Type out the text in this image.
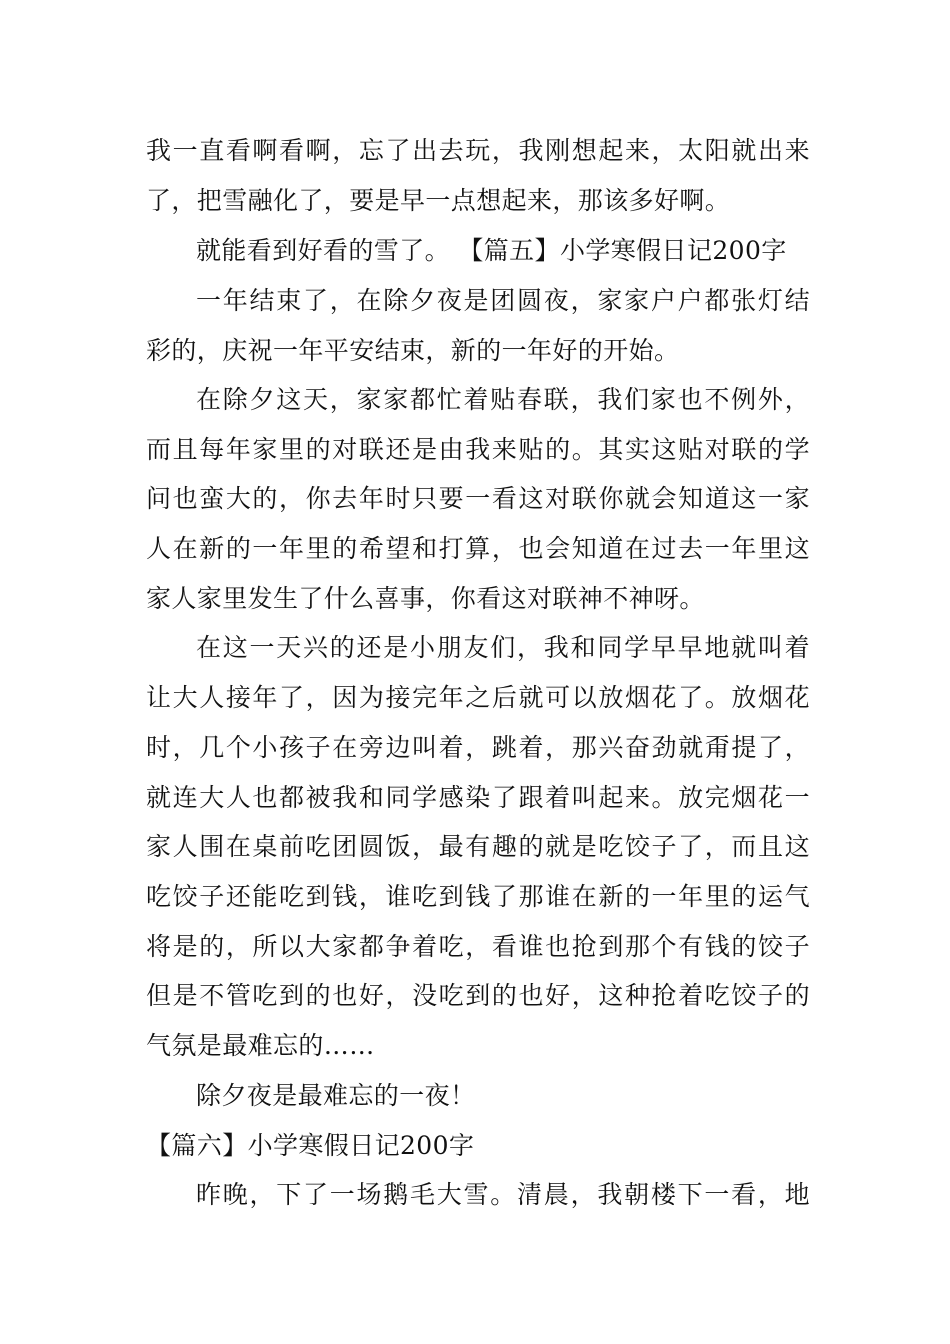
我一直看啊看啊，忘了出去玩，我刚想起来，太阳就出来
了，把雪融化了，要是早一点想起来，那该多好啊。
就能看到好看的雪了。 【篇五】小学寒假日记200字
一年结束了，在除夕夜是团圆夜，家家户户都张灯结
彩的，庆祝一年平安结束，新的一年好的开始。
在除夕这天，家家都忙着贴春联，我们家也不例外，
而且每年家里的对联还是由我来贴的。其实这贴对联的学
问也蛮大的，你去年时只要一看这对联你就会知道这一家
人在新的一年里的希望和打算，也会知道在过去一年里这
家人家里发生了什么喜事，你看这对联神不神呀。
在这一天兴的还是小朋友们，我和同学早早地就叫着
让大人接年了，因为接完年之后就可以放烟花了。放烟花
时，几个小孩子在旁边叫着，跳着，那兴奋劲就甭提了，
就连大人也都被我和同学感染了跟着叫起来。放完烟花一
家人围在桌前吃团圆饭，最有趣的就是吃饺子了，而且这
吃饺子还能吃到钱，谁吃到钱了那谁在新的一年里的运气
将是的，所以大家都争着吃，看谁也抢到那个有钱的饺子
但是不管吃到的也好，没吃到的也好，这种抢着吃饺子的
气氛是最难忘的……
除夕夜是最难忘的一夜！
【篇六】小学寒假日记200字
昨晚，下了一场鹅毛大雪。清晨，我朝楼下一看，地
